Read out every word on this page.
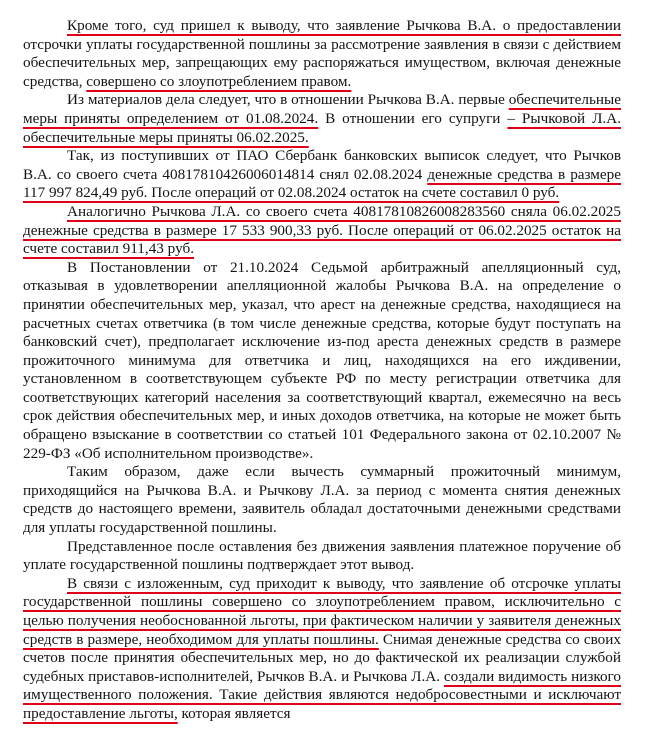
Кроме того, суд пришел к выводу, что заявление Рычкова В.А. о предоставлении отсрочки уплаты государственной пошлины за рассмотрение заявления в связи с действием обеспечительных мер, запрещающих ему распоряжаться имуществом, включая денежные средства, совершено со злоупотреблением правом.

Из материалов дела следует, что в отношении Рычкова В.А. первые обеспечительные меры приняты определением от 01.08.2024. В отношении его супруги – Рычковой Л.А. обеспечительные меры приняты 06.02.2025.

Так, из поступивших от ПАО Сбербанк банковских выписок следует, что Рычков В.А. со своего счета 40817810426006014814 снял 02.08.2024 денежные средства в размере 117 997 824,49 руб. После операций от 02.08.2024 остаток на счете составил 0 руб.

Аналогично Рычкова Л.А. со своего счета 40817810826008283560 сняла 06.02.2025 денежные средства в размере 17 533 900,33 руб. После операций от 06.02.2025 остаток на счете составил 911,43 руб.

В Постановлении от 21.10.2024 Седьмой арбитражный апелляционный суд, отказывая в удовлетворении апелляционной жалобы Рычкова В.А. на определение о принятии обеспечительных мер, указал, что арест на денежные средства, находящиеся на расчетных счетах ответчика (в том числе денежные средства, которые будут поступать на банковский счет), предполагает исключение из-под ареста денежных средств в размере прожиточного минимума для ответчика и лиц, находящихся на его иждивении, установленном в соответствующем субъекте РФ по месту регистрации ответчика для соответствующих категорий населения за соответствующий квартал, ежемесячно на весь срок действия обеспечительных мер, и иных доходов ответчика, на которые не может быть обращено взыскание в соответствии со статьей 101 Федерального закона от 02.10.2007 № 229-ФЗ «Об исполнительном производстве».

Таким образом, даже если вычесть суммарный прожиточный минимум, приходящийся на Рычкова В.А. и Рычкову Л.А. за период с момента снятия денежных средств до настоящего времени, заявитель обладал достаточными денежными средствами для уплаты государственной пошлины.

Представленное после оставления без движения заявления платежное поручение об уплате государственной пошлины подтверждает этот вывод.

В связи с изложенным, суд приходит к выводу, что заявление об отсрочке уплаты государственной пошлины совершено со злоупотреблением правом, исключительно с целью получения необоснованной льготы, при фактическом наличии у заявителя денежных средств в размере, необходимом для уплаты пошлины. Снимая денежные средства со своих счетов после принятия обеспечительных мер, но до фактической их реализации службой судебных приставов-исполнителей, Рычков В.А. и Рычкова Л.А. создали видимость низкого имущественного положения. Такие действия являются недобросовестными и исключают предоставление льготы, которая является
